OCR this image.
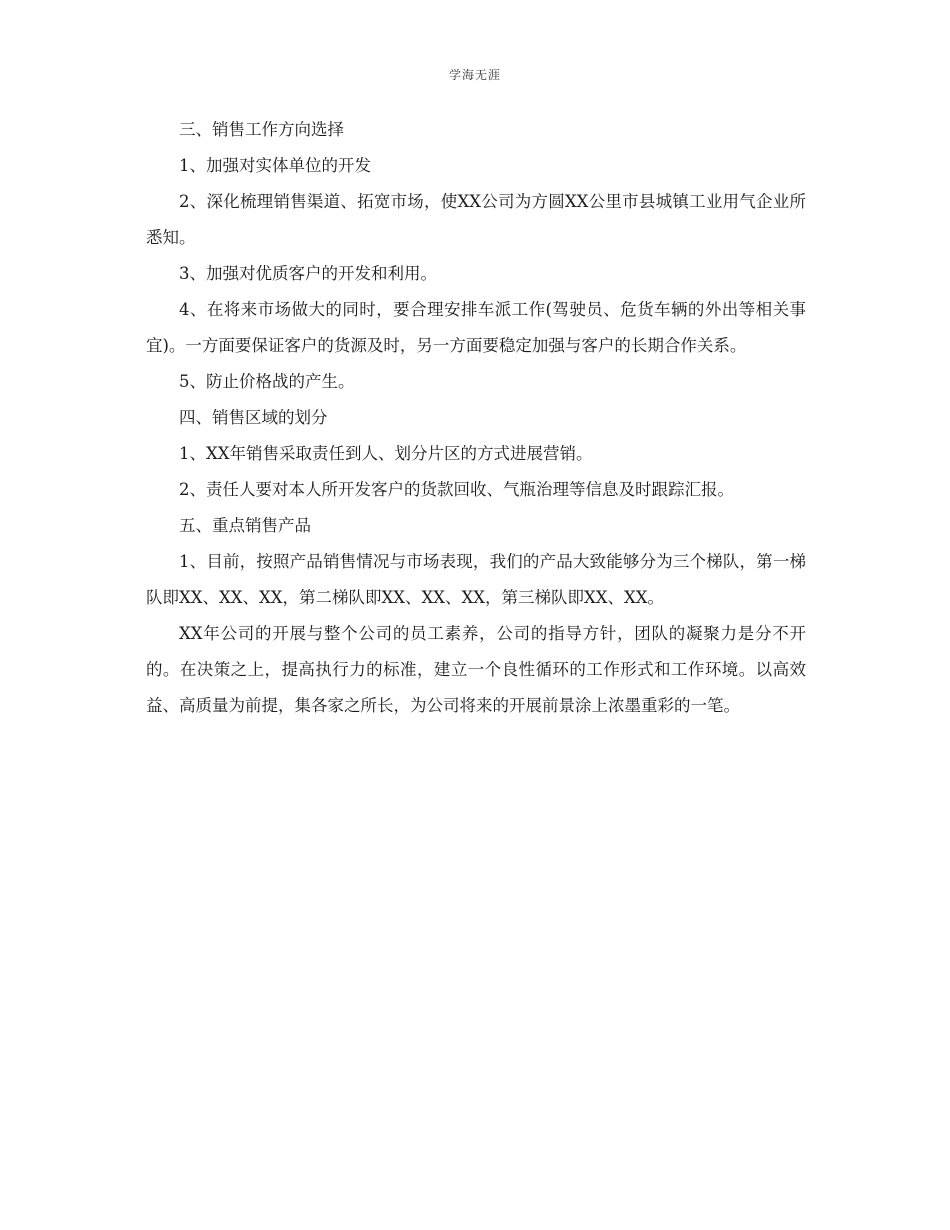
学海无涯

三、销售工作方向选择

1、加强对实体单位的开发

2、深化梳理销售渠道、拓宽市场，使XX公司为方圆XX公里市县城镇工业用气企业所悉知。

3、加强对优质客户的开发和利用。

4、在将来市场做大的同时，要合理安排车派工作(驾驶员、危货车辆的外出等相关事宜)。一方面要保证客户的货源及时，另一方面要稳定加强与客户的长期合作关系。

5、防止价格战的产生。

四、销售区域的划分

1、XX年销售采取责任到人、划分片区的方式进展营销。

2、责任人要对本人所开发客户的货款回收、气瓶治理等信息及时跟踪汇报。

五、重点销售产品

1、目前，按照产品销售情况与市场表现，我们的产品大致能够分为三个梯队，第一梯队即XX、XX、XX，第二梯队即XX、XX、XX，第三梯队即XX、XX。

XX年公司的开展与整个公司的员工素养，公司的指导方针，团队的凝聚力是分不开的。在决策之上，提高执行力的标准，建立一个良性循环的工作形式和工作环境。以高效益、高质量为前提，集各家之所长，为公司将来的开展前景涂上浓墨重彩的一笔。
